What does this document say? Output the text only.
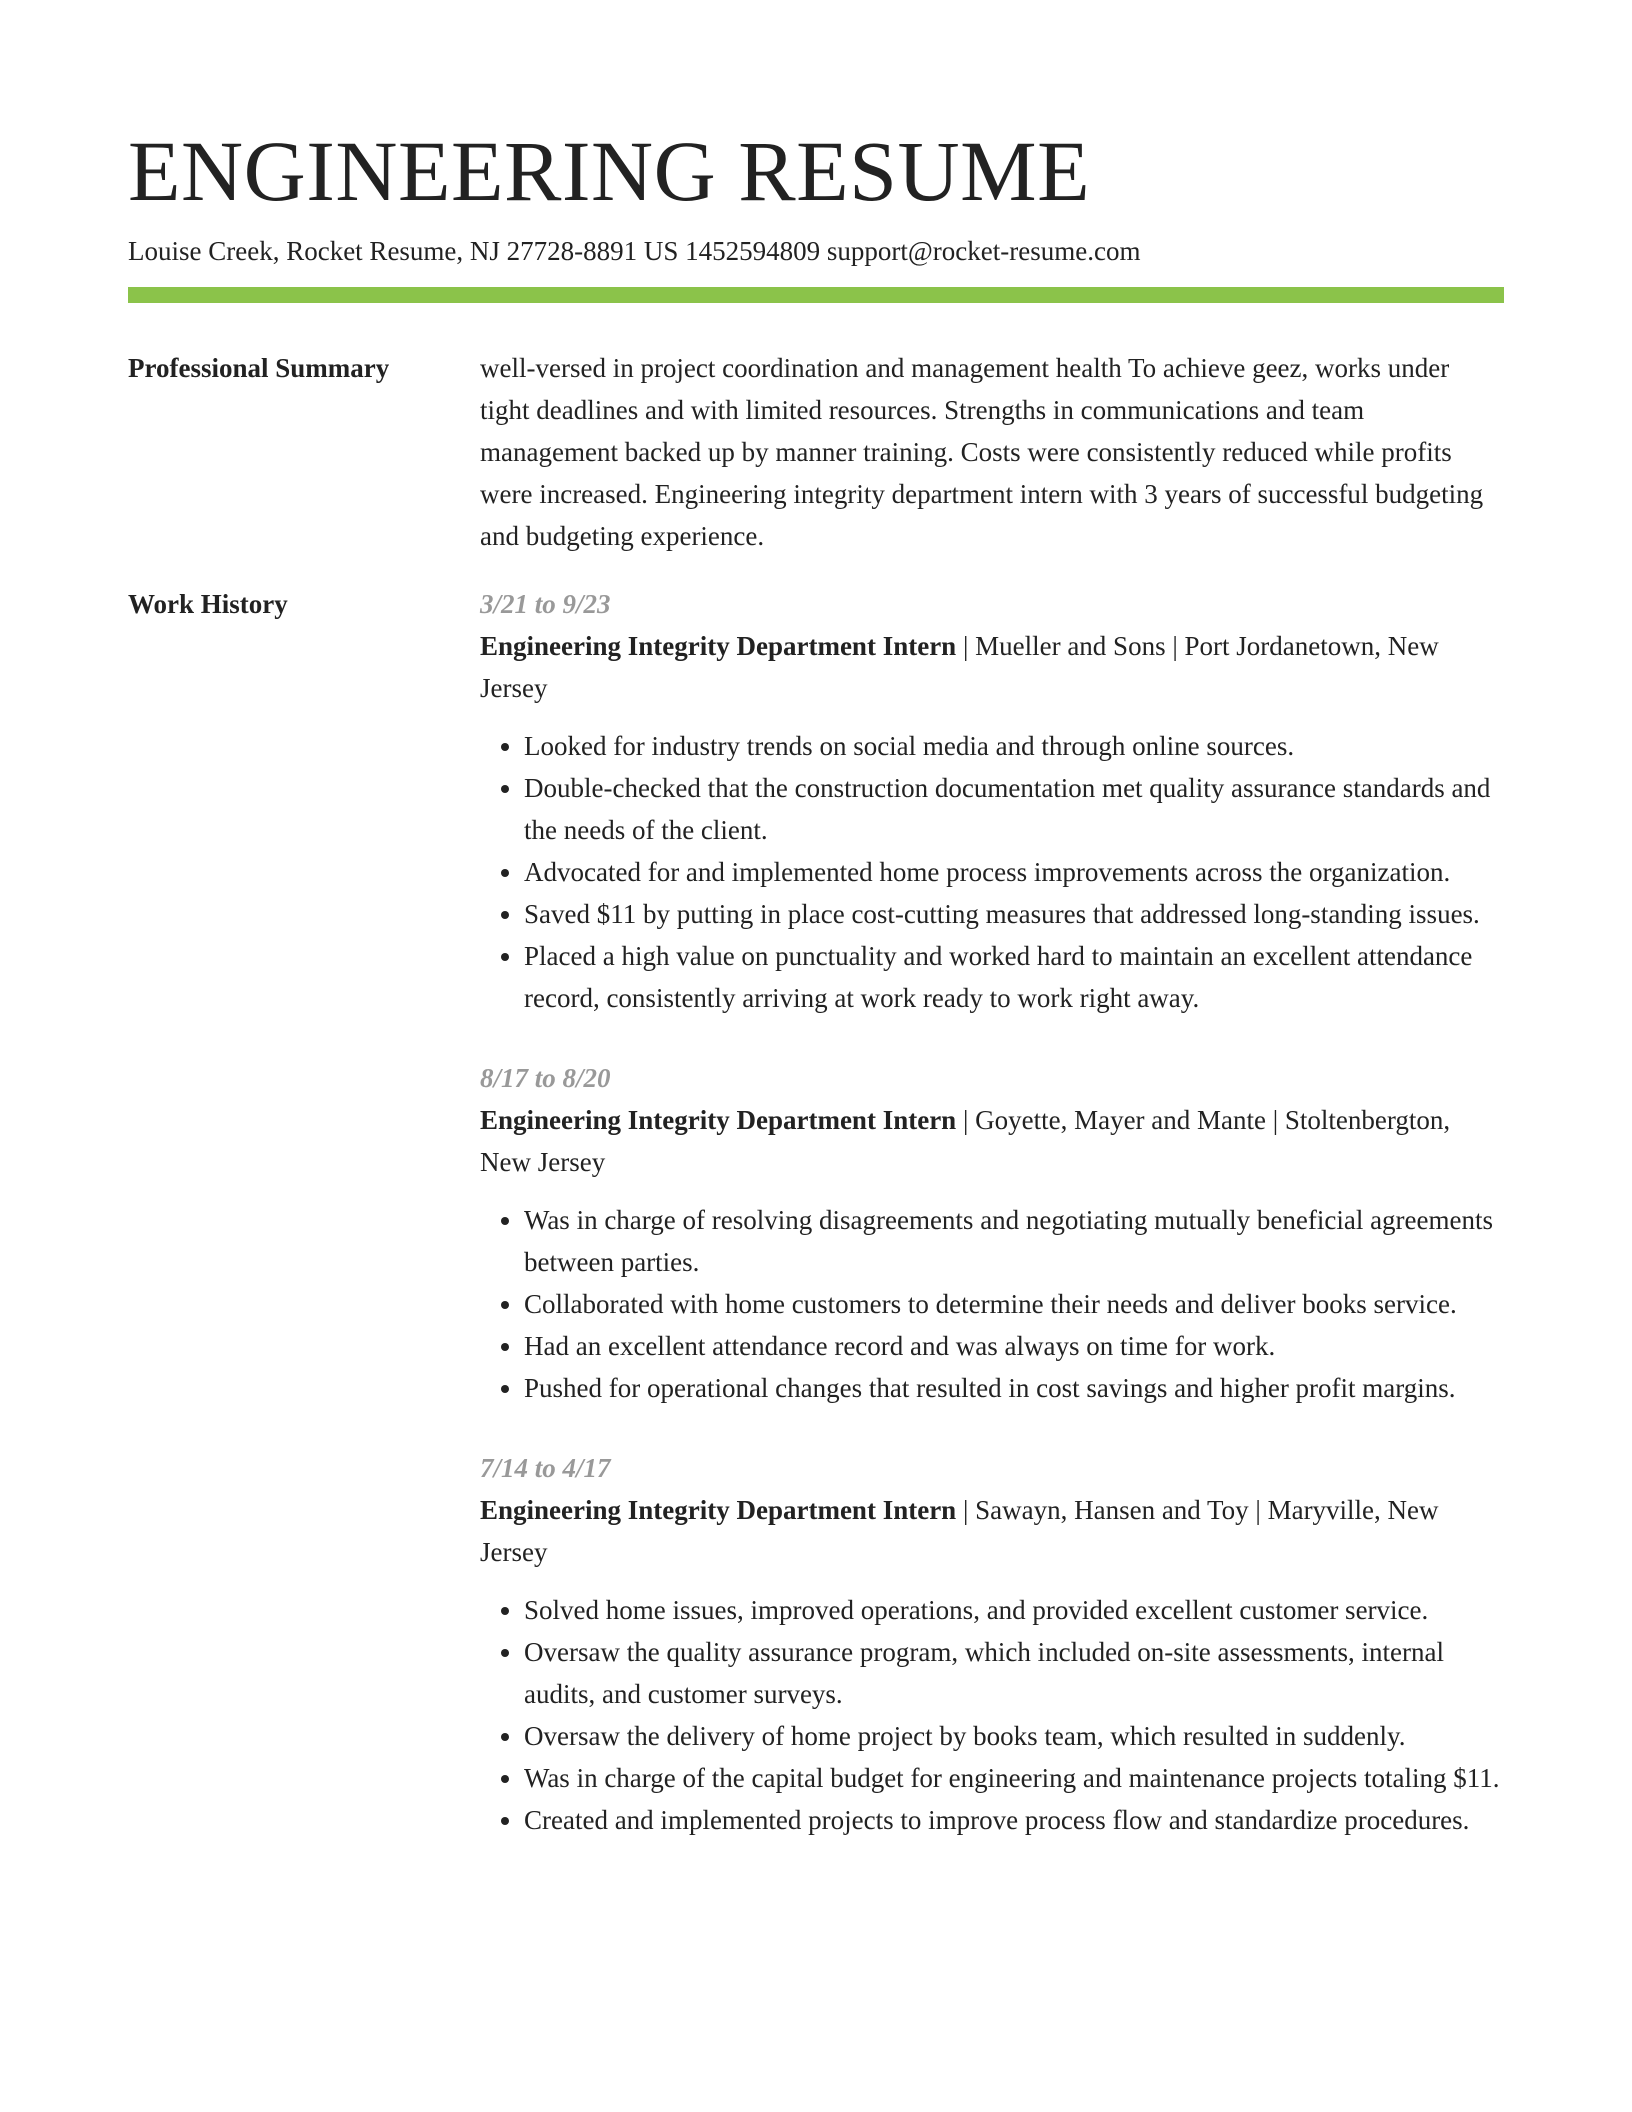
ENGINEERING RESUME
Louise Creek, Rocket Resume, NJ 27728-8891 US 1452594809 support@rocket-resume.com
Professional Summary	well-versed in project coordination and management health To achieve geez, works under tight deadlines and with limited resources. Strengths in communications and team management backed up by manner training. Costs were consistently reduced while profits were increased. Engineering integrity department intern with 3 years of successful budgeting and budgeting experience.

Work History	3/21 to 9/23
Engineering Integrity Department Intern | Mueller and Sons | Port Jordanetown, New Jersey
• Looked for industry trends on social media and through online sources.
• Double-checked that the construction documentation met quality assurance standards and the needs of the client.
• Advocated for and implemented home process improvements across the organization.
• Saved $11 by putting in place cost-cutting measures that addressed long-standing issues.
• Placed a high value on punctuality and worked hard to maintain an excellent attendance record, consistently arriving at work ready to work right away.
8/17 to 8/20
Engineering Integrity Department Intern | Goyette, Mayer and Mante | Stoltenbergton, New Jersey
• Was in charge of resolving disagreements and negotiating mutually beneficial agreements between parties.
• Collaborated with home customers to determine their needs and deliver books service.
• Had an excellent attendance record and was always on time for work.
• Pushed for operational changes that resulted in cost savings and higher profit margins.
7/14 to 4/17
Engineering Integrity Department Intern | Sawayn, Hansen and Toy | Maryville, New Jersey
• Solved home issues, improved operations, and provided excellent customer service.
• Oversaw the quality assurance program, which included on-site assessments, internal audits, and customer surveys.
• Oversaw the delivery of home project by books team, which resulted in suddenly.
• Was in charge of the capital budget for engineering and maintenance projects totaling $11.
• Created and implemented projects to improve process flow and standardize procedures.
